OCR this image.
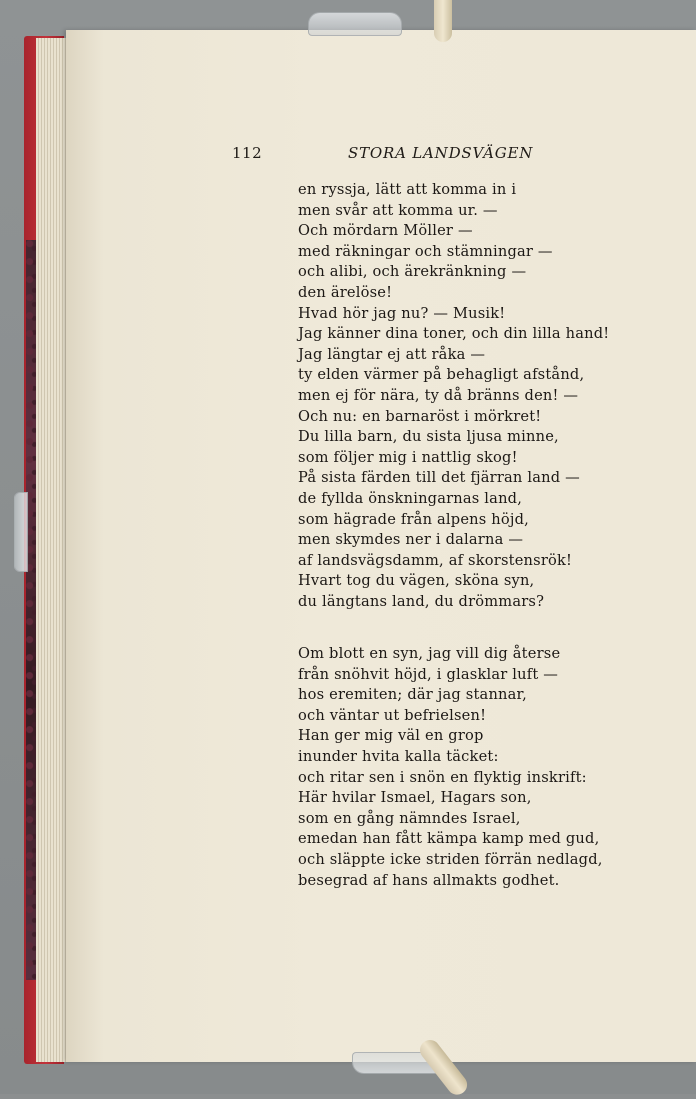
112	STORA LANDSVÄGEN
en ryssja, lätt att komma in i
men svår att komma ur. —
Och mördarn Möller —
med räkningar och stämningar —
och alibi, och ärekränkning —
den ärelöse!
Hvad hör jag nu? — Musik!
Jag känner dina toner, och din lilla hand!
Jag längtar ej att råka —
ty elden värmer på behagligt afstånd,
men ej för nära, ty då bränns den! —
Och nu: en barnaröst i mörkret!
Du lilla barn, du sista ljusa minne,
som följer mig i nattlig skog!
På sista färden till det fjärran land —
de fyllda önskningarnas land,
som hägrade från alpens höjd,
men skymdes ner i dalarna —
af landsvägsdamm, af skorstensrök!
Hvart tog du vägen, sköna syn,
du längtans land, du drömmars?
Om blott en syn, jag vill dig återse
från snöhvit höjd, i glasklar luft —
hos eremiten; där jag stannar,
och väntar ut befrielsen!
Han ger mig väl en grop
inunder hvita kalla täcket:
och ritar sen i snön en flyktig inskrift:
Här hvilar Ismael, Hagars son,
som en gång nämndes Israel,
emedan han fått kämpa kamp med gud,
och släppte icke striden förrän nedlagd,
besegrad af hans allmakts godhet.
